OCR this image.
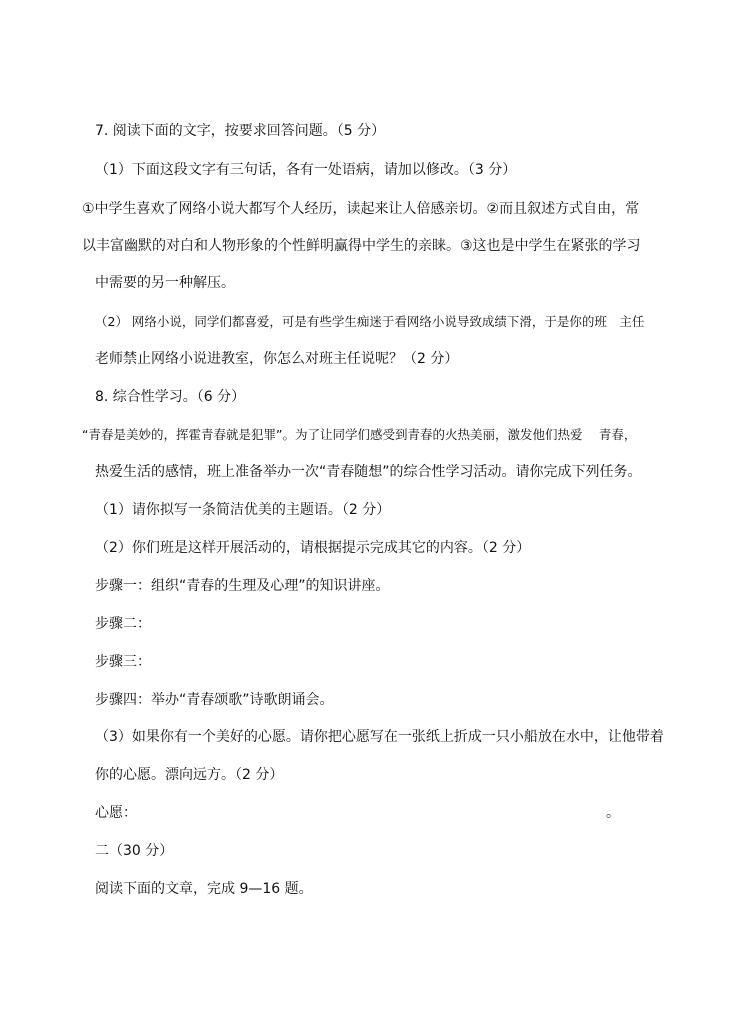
7. 阅读下面的文字，按要求回答问题。（5 分）
（1）下面这段文字有三句话，各有一处语病，请加以修改。（3 分）
①中学生喜欢了网络小说大都写个人经历，读起来让人倍感亲切。②而且叙述方式自由，常
以丰富幽默的对白和人物形象的个性鲜明赢得中学生的亲睐。③这也是中学生在紧张的学习
中需要的另一种解压。
（2） 网络小说，同学们都喜爱，可是有些学生痴迷于看网络小说导致成绩下滑，于是你的班　主任
老师禁止网络小说进教室，你怎么对班主任说呢？（2 分）
8. 综合性学习。（6 分）
“青春是美妙的，挥霍青春就是犯罪”。为了让同学们感受到青春的火热美丽，激发他们热爱　 青春，
热爱生活的感情，班上准备举办一次“青春随想”的综合性学习活动。请你完成下列任务。
（1）请你拟写一条简洁优美的主题语。（2 分）
（2）你们班是这样开展活动的，请根据提示完成其它的内容。（2 分）
步骤一：组织“青春的生理及心理”的知识讲座。
步骤二：
步骤三：
步骤四：举办“青春颂歌”诗歌朗诵会。
（3）如果你有一个美好的心愿。请你把心愿写在一张纸上折成一只小船放在水中，让他带着
你的心愿。漂向远方。（2 分）
心愿：	。
二（30 分）
阅读下面的文章，完成 9—16 题。
